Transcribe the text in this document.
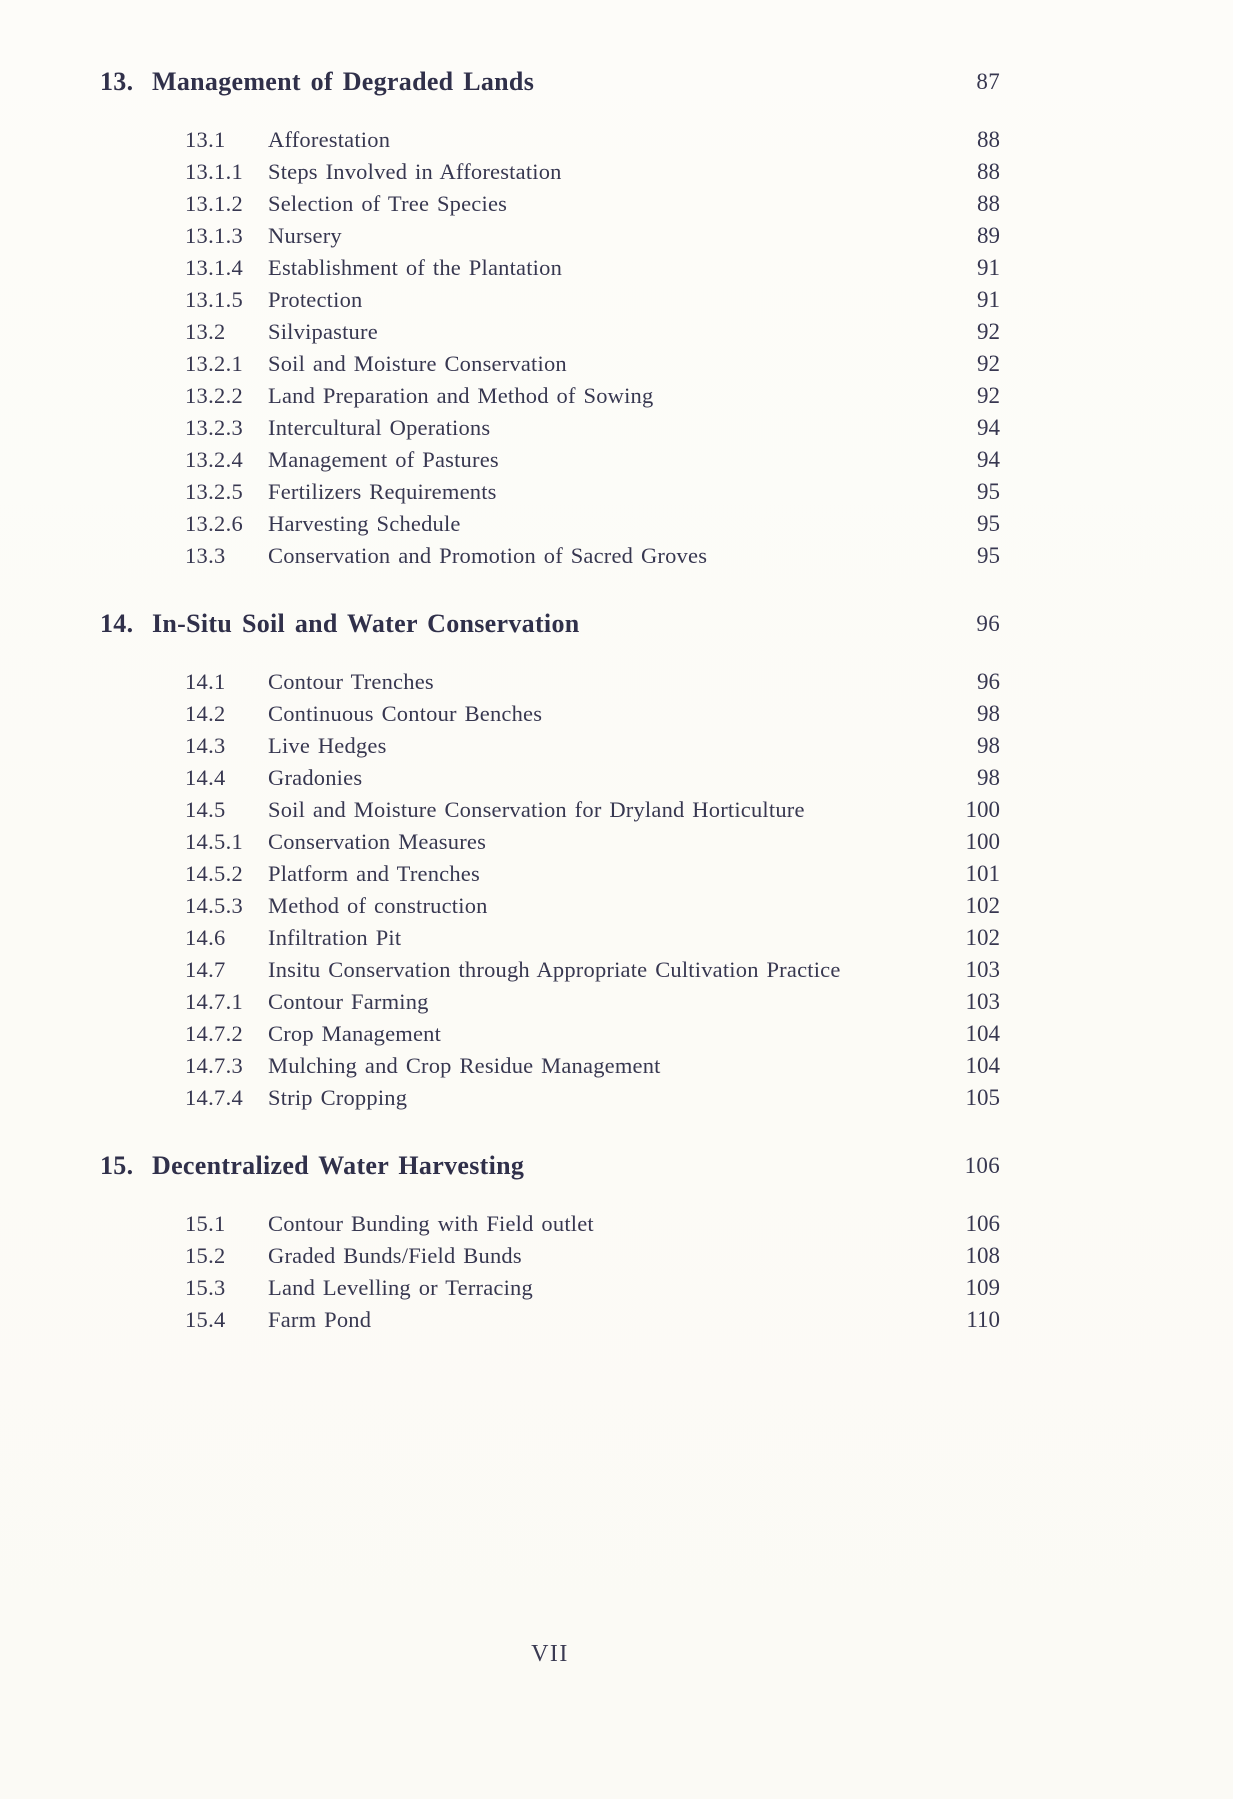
13. Management of Degraded Lands	87
13.1	Afforestation	88
13.1.1	Steps Involved in Afforestation	88
13.1.2	Selection of Tree Species	88
13.1.3	Nursery	89
13.1.4	Establishment of the Plantation	91
13.1.5	Protection	91
13.2	Silvipasture	92
13.2.1	Soil and Moisture Conservation	92
13.2.2	Land Preparation and Method of Sowing	92
13.2.3	Intercultural Operations	94
13.2.4	Management of Pastures	94
13.2.5	Fertilizers Requirements	95
13.2.6	Harvesting Schedule	95
13.3	Conservation and Promotion of Sacred Groves	95
14. In-Situ Soil and Water Conservation	96
14.1	Contour Trenches	96
14.2	Continuous Contour Benches	98
14.3	Live Hedges	98
14.4	Gradonies	98
14.5	Soil and Moisture Conservation for Dryland Horticulture	100
14.5.1	Conservation Measures	100
14.5.2	Platform and Trenches	101
14.5.3	Method of construction	102
14.6	Infiltration Pit	102
14.7	Insitu Conservation through Appropriate Cultivation Practice	103
14.7.1	Contour Farming	103
14.7.2	Crop Management	104
14.7.3	Mulching and Crop Residue Management	104
14.7.4	Strip Cropping	105
15. Decentralized Water Harvesting	106
15.1	Contour Bunding with Field outlet	106
15.2	Graded Bunds/Field Bunds	108
15.3	Land Levelling or Terracing	109
15.4	Farm Pond	110
VII
